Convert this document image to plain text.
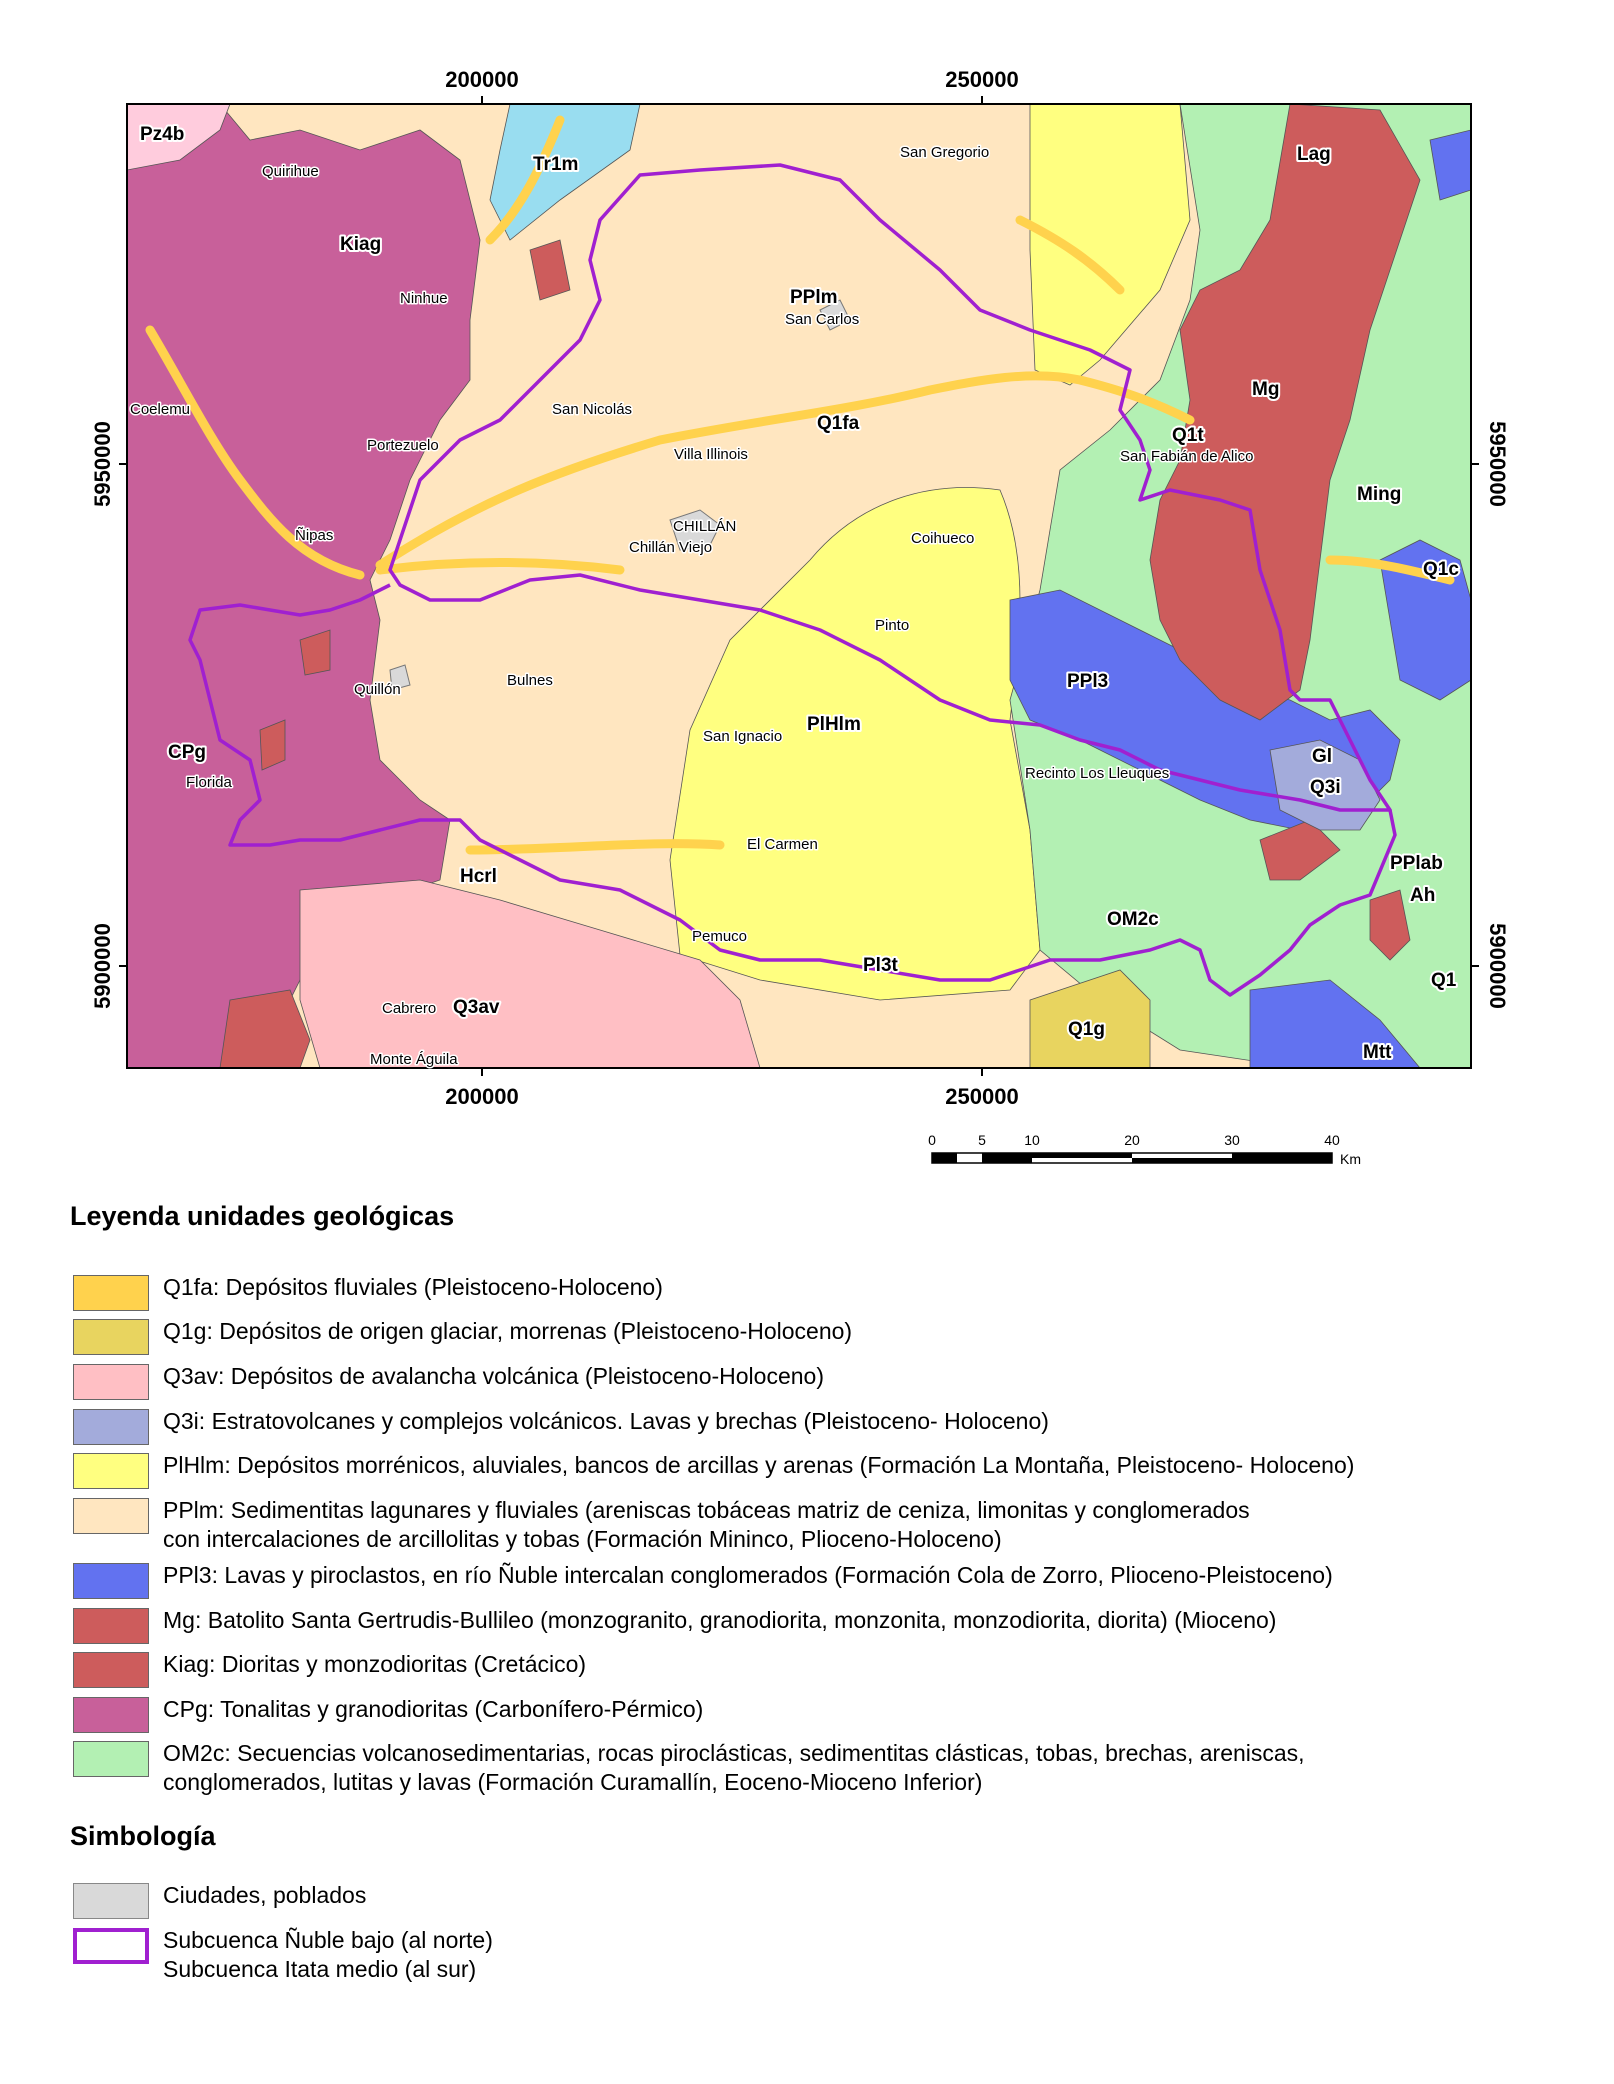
200000	250000
200000	250000
5950000
5900000
5950000
5900000
Pz4b
Tr1m
Kiag
Lag
PPlm
Mg
Q1fa
Q1t
Ming
Q1c
PPl3
PlHlm
Gl
Q3i
CPg
Hcrl
PPlab
Ah
OM2c
Pl3t
Q1
Q3av
Q1g
Mtt
Quirihue
San Gregorio
Ninhue
San Carlos
Coelemu	San Nicolás
Portezuelo
Villa Illinois	San Fabián de Alico
CHILLÁN
Chillán Viejo
Ñipas	Coihueco
Pinto
Quillón
Bulnes
San Ignacio
Florida
Recinto Los Lleuques
El Carmen
Pemuco
Cabrero
Monte Águila
0	5	10	20	30	40
Km
Leyenda unidades geológicas
Q1fa: Depósitos fluviales (Pleistoceno-Holoceno)
Q1g: Depósitos de origen glaciar, morrenas (Pleistoceno-Holoceno)
Q3av: Depósitos de avalancha volcánica (Pleistoceno-Holoceno)
Q3i: Estratovolcanes y complejos volcánicos. Lavas y brechas (Pleistoceno- Holoceno)
PlHlm: Depósitos morrénicos, aluviales, bancos de arcillas y arenas (Formación La Montaña, Pleistoceno- Holoceno)
PPlm: Sedimentitas lagunares y fluviales (areniscas tobáceas matriz de ceniza, limonitas y conglomerados
con intercalaciones de arcillolitas y tobas (Formación Mininco, Plioceno-Holoceno)
PPl3: Lavas y piroclastos, en río Ñuble intercalan conglomerados (Formación Cola de Zorro, Plioceno-Pleistoceno)
Mg: Batolito Santa Gertrudis-Bullileo (monzogranito, granodiorita, monzonita, monzodiorita, diorita) (Mioceno)
Kiag: Dioritas y monzodioritas (Cretácico)
CPg: Tonalitas y granodioritas (Carbonífero-Pérmico)
OM2c: Secuencias volcanosedimentarias, rocas piroclásticas, sedimentitas clásticas, tobas, brechas, areniscas,
conglomerados, lutitas y lavas (Formación Curamallín, Eoceno-Mioceno Inferior)
Simbología
Ciudades, poblados
Subcuenca Ñuble bajo (al norte)
Subcuenca Itata medio (al sur)
